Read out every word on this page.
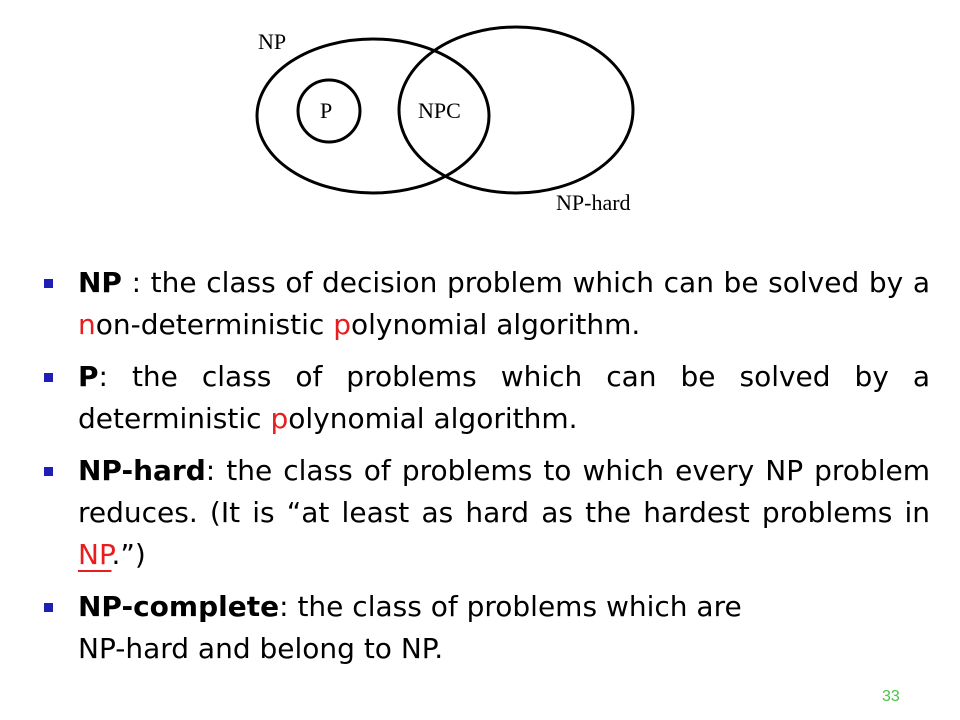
NP
P	NPC
NP-hard
NP : the class of decision problem which can be solved by a non-deterministic polynomial algorithm.
P: the class of problems which can be solved by a deterministic polynomial algorithm.
NP-hard: the class of problems to which every NP problem reduces. (It is “at least as hard as the hardest problems in NP.”)
NP-complete: the class of problems which are
NP-hard and belong to NP.
33
